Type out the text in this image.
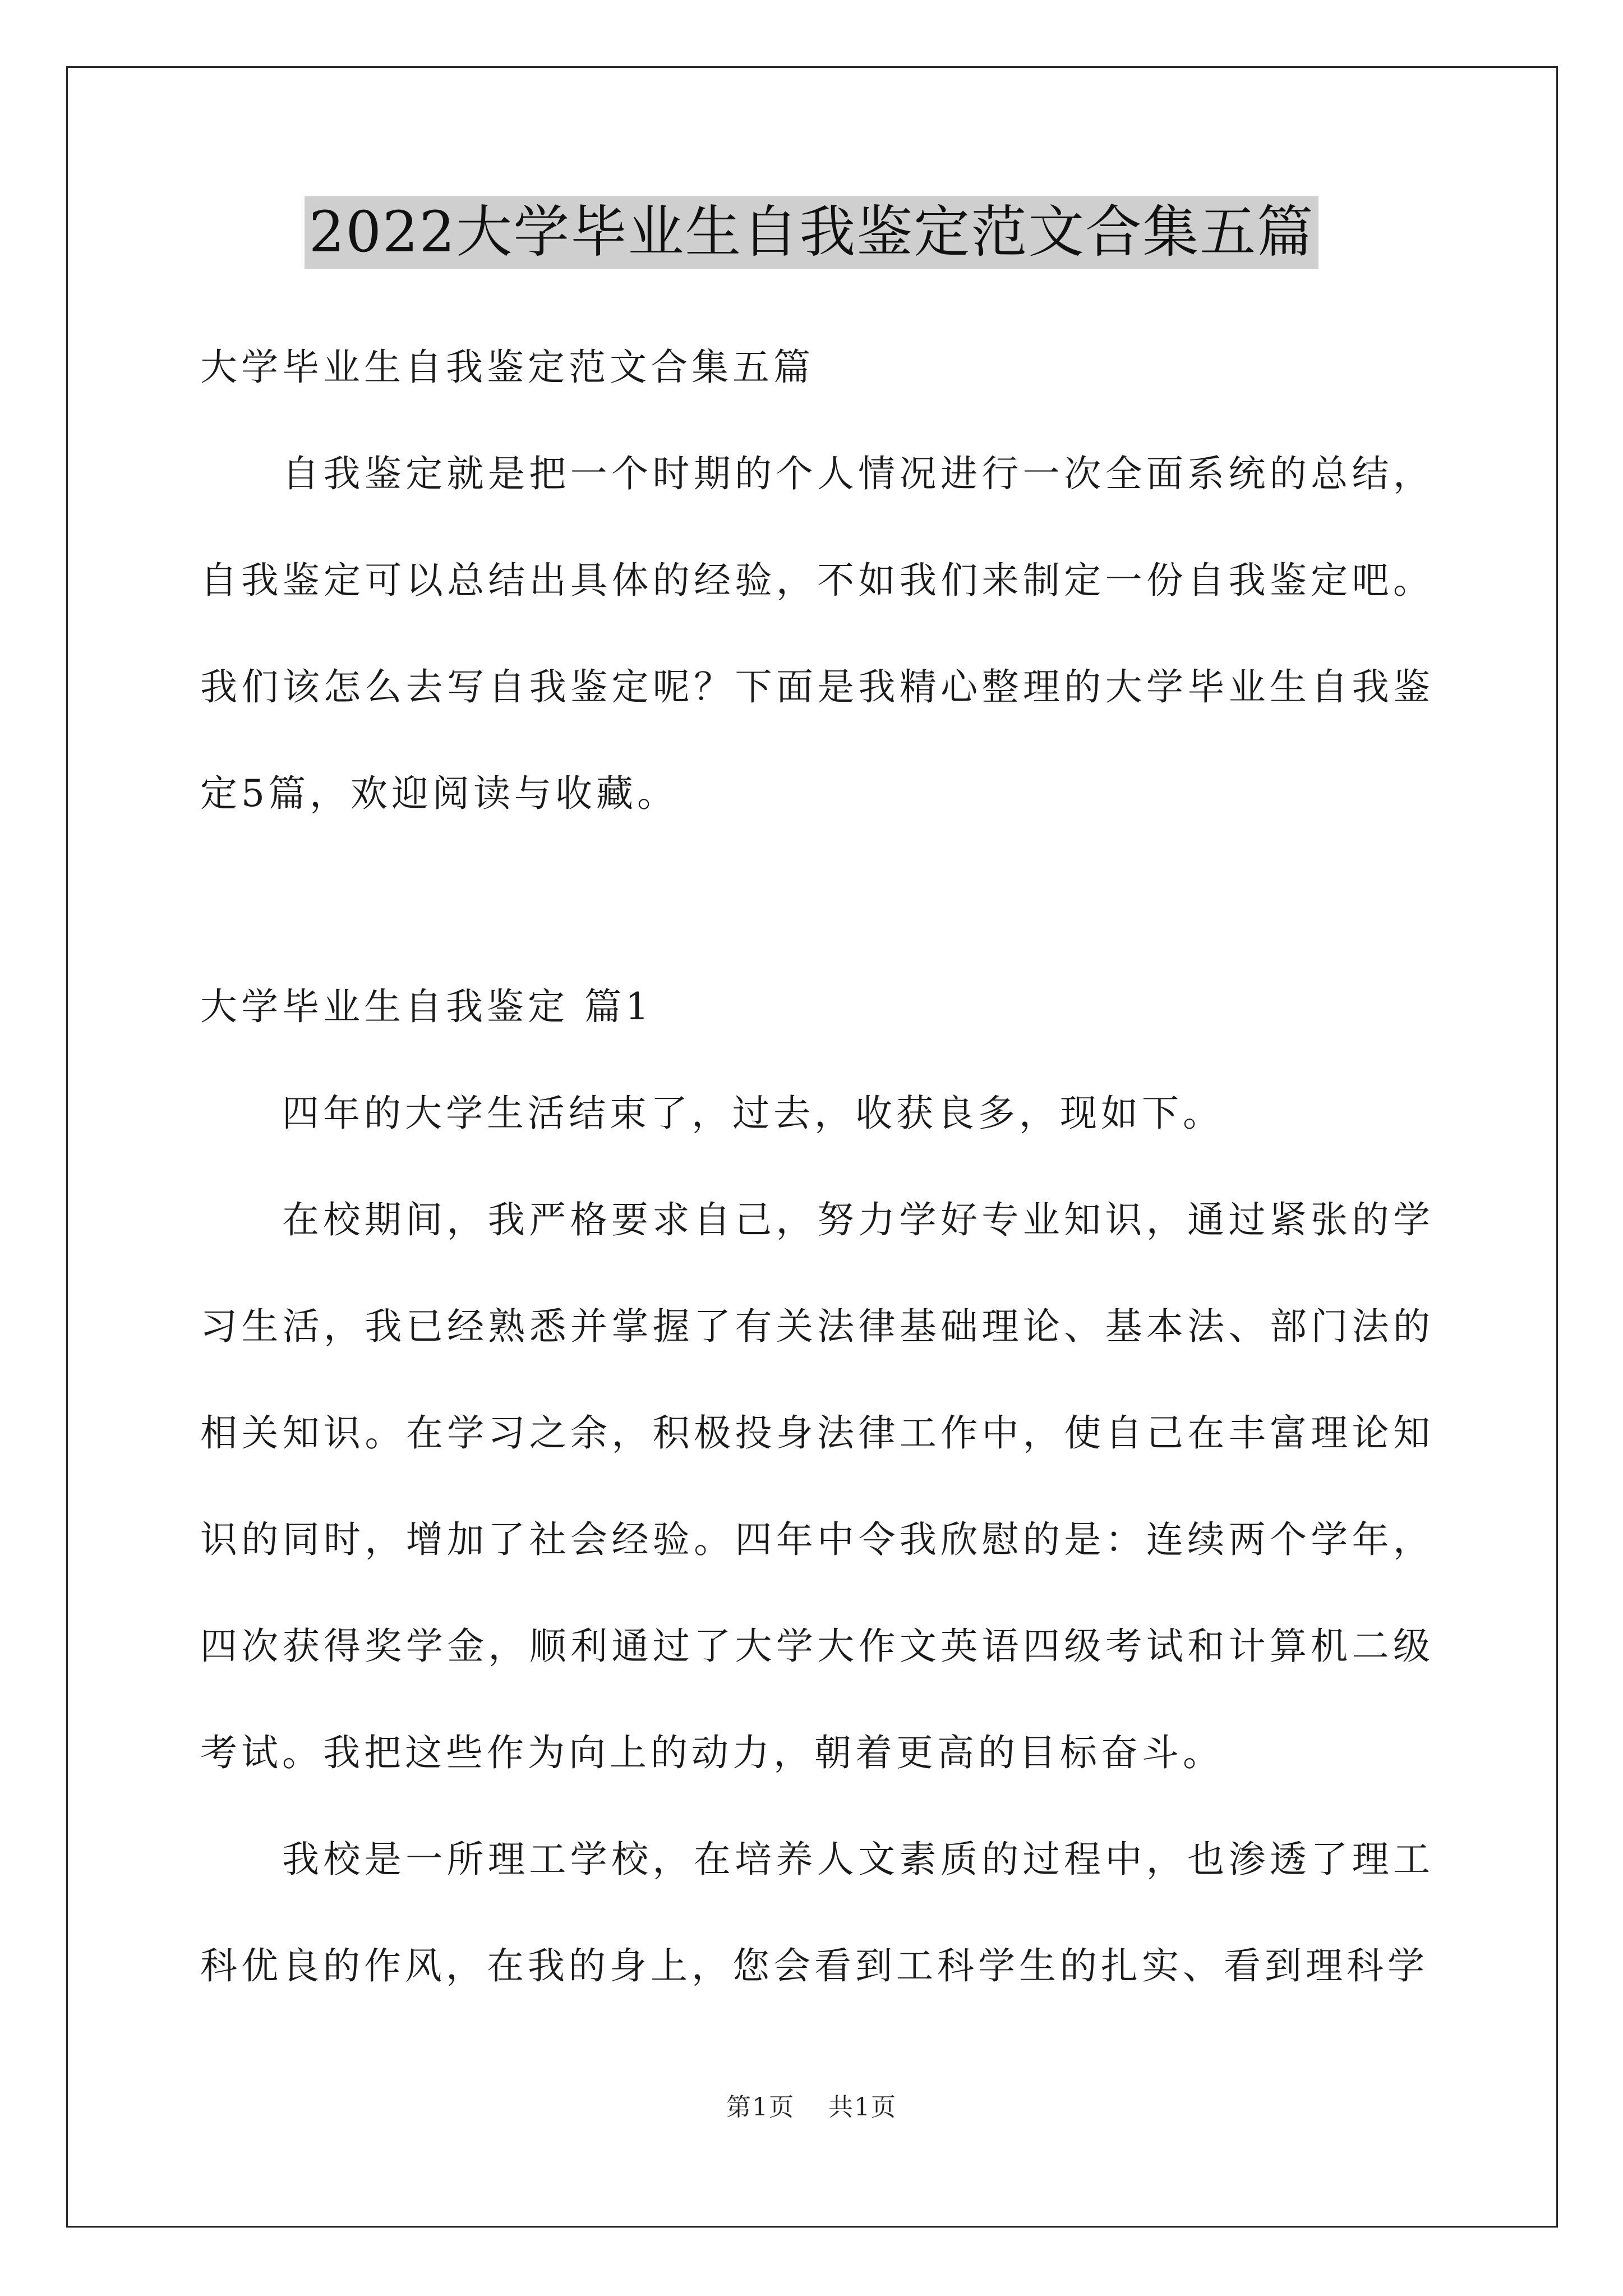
2022大学毕业生自我鉴定范文合集五篇

大学毕业生自我鉴定范文合集五篇

自我鉴定就是把一个时期的个人情况进行一次全面系统的总结，自我鉴定可以总结出具体的经验，不如我们来制定一份自我鉴定吧。我们该怎么去写自我鉴定呢？下面是我精心整理的大学毕业生自我鉴定5篇，欢迎阅读与收藏。

大学毕业生自我鉴定 篇1

四年的大学生活结束了，过去，收获良多，现如下。

在校期间，我严格要求自己，努力学好专业知识，通过紧张的学习生活，我已经熟悉并掌握了有关法律基础理论、基本法、部门法的相关知识。在学习之余，积极投身法律工作中，使自己在丰富理论知识的同时，增加了社会经验。四年中令我欣慰的是：连续两个学年，四次获得奖学金，顺利通过了大学大作文英语四级考试和计算机二级考试。我把这些作为向上的动力，朝着更高的目标奋斗。

我校是一所理工学校，在培养人文素质的过程中，也渗透了理工科优良的作风，在我的身上，您会看到工科学生的扎实、看到理科学

第1页 共1页
